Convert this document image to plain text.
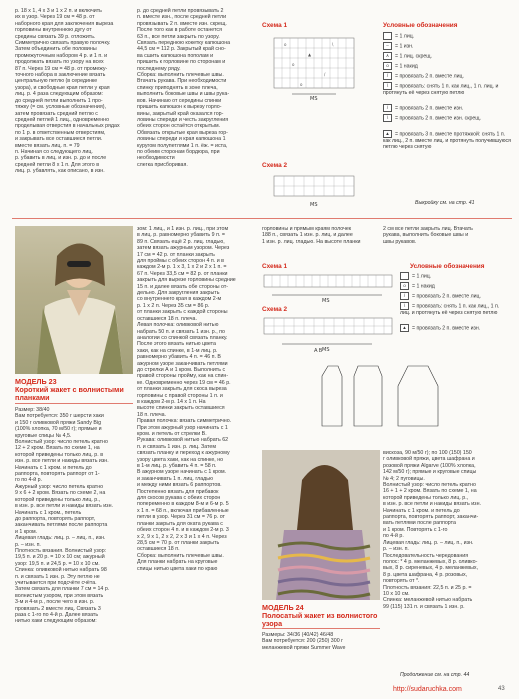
р. 18 х 1, 4 х 3 и 1 х 2 п. и включить
их в узор. Через 19 см = 48 р. от
наборного края для заключения выреза
горловины внутреннюю дугу от
средины связать 39 р. отложить.
Симметрично связать правую полочку.
Затем объединить обе половины
промежуточным набором 4 р. и 1 п. и
продолжать вязать по узору на всех
87 п. Через 19 см = 48 р. от промежу-
точного набора в заключение вязать
центральную петлю (в серединке
узора), и свободные края петли у края
лиц. р. 4 раза следующим образом:
до средней петли выполнить 1 про-
тяжку (= см. условные обозначения),
затем провязать средний петлю с
средней петлей 1 лиц., одновременно
проделывая отверстия в начальных рядах
по 1 р. в ответственным отверстиям,
и закрывать все оставшиеся петли.
вместе вязать лиц. п. = 79
п. Начиная со следующего лиц.
р. убавить в лиц. и изн. р. до и после
средней петли 8 х 1 п. Для этого в
лиц. р. убавлять, как описано, в изн.
р. до средней петли провязывать 2
п. вместе изн., после средней петли
провязывать 2 п. вместе изн. скрещ.
После того как в работе останется
63 п., все петли закрыть по узору.
Связать переднюю кокетку капюшона
44,5 см = 112 р. Закрытый край сно-
ва сшить капюшона пополам и
пришить к горловине по сторонам и
последнему ряду.
Сборка: выполнить плечевые швы.
Втачать рукава. При необходимости
спинку приподнять в зоне плеча,
выполнить боковые швы и швы рука-
вов. Начинаю от середины спинки
пришить капюшон к вырезу горло-
вины, закрытый край оказался гор-
ловины спереди и честь закругления
обеих сторон остаётся открытым.
Обвязать открытые края выреза гор-
ловины спереди и края капюшона 1
куругом полупетлями 1 п. ёж. = иста,
по обеим сторонам бордюра, при необходимости
слегка присборивая.
Схема 1
о
▲
о
/
\
о
MS
Схема 2
MS
Условные обозначения
= 1 лиц.
– = 1 изн.
∧ = 1 лиц. скрещ.
o = 1 накид
/ = провязать 2 п. вместе лиц.
\ = провязать: снять 1 п. как лиц., 1 п. лиц. и протянуть её через снятую петлю
/ = провязать 2 п. вместе изн.
\ = провязать 2 п. вместе изн. скрещ.
▲ = провязать 3 п. вместе протяжкой: снять 1 п. как лиц., 2 п. вместе лиц. и протянуть получившуюся петлю через снятую
Выкройку см. на стр. 41
МОДЕЛЬ 23
Короткий жакет с волнистыми планками
Размер: 38/40
Вам потребуется: 350 г шерсти хаки
и 150 г оливковой пряжи Sandy Big
(100% хлопка, 70 м/50 г); прямые и
круговые спицы № 4,5.
Волнистый узор: число петель кратно
12 + 2 кром. Вязать по схеме 1, на
которой приведены только лиц. р. в
изн. р. все петли и накиды вязать изн.
Начинать с 1 кром. и петель до
раппорта, повторять раппорт от 1-
го по 4-й р.
Ажурный узор: число петель кратно
9 х 6 + 2 кром. Вязать по схеме 2, на
которой приведены только лиц. р.,
в изн. р. все петли и накиды вязать изн.
Начинать с 1 кром., петель
до раппорта, повторять раппорт,
заканчивать петлями после раппорта
и 1 кром.
Лицевая гладь: лиц. р. – лиц. п., изн.
р. – изн. п.
Плотность вязания. Волнистый узор:
19,5 п. и 20 р. = 10 х 10 см; ажурный
узор: 19,5 п. и 24,5 р. = 10 х 10 см.
Спинка: оливковой нитью набрать 98
п. и связать 1 изн. р. Эту петлю не
учитывается при подсчёте счёта.
Затем связать для планки 7 см = 14 р.
волнистым узором, при этом вязать
3-м и 4-м р., после чего в изн. р.
провязать 2 вместе лиц. Связать 3
раза с 1-го по 4-й р. Далее вязать
нитью хаки следующим образом:
зом: 1 лиц., и 1 изн. р. лиц., при этом
в лиц. р. равномерно убавить 9 п. =
89 п. Связать ещё 2 р. лиц. гладью,
затем вязать ажурным узором. Через
17 см = 42 р. от планки закрыть
для проймы с обеих сторон 4 п. и в
каждом 2-м р. 1 х 3, 1 х 2 и 2 х 1 п. =
67 п. Через 33,5 см = 82 р. от планки
закрыть для вырезе горловины средние
15 п. и далее вязать обе стороны от-
дельно. Для закругления закрыть
со внутреннего края в каждом 2-м
р. 1 х 2 п. Через 35 см = 86 р.
от планки закрыть с каждой стороны
оставшиеся 18 п. плеча.
Левая полочка: оливковой нитью
набрать 50 п. и связать 1 изн. р., по
аналогии со спинкой связать планку.
После этого вязать нитью цвета
хаки, как на спинке, в 1-м лиц. р.
равномерно убавить 4 п. = 46 п. В
ажурном узоре заканчивать петлями
до стрелки А и 1 кром. Выполнить с
правой стороны пройму, как на спин-
ке. Одновременно через 19 см = 46 р.
от планки закрыть для скоса выреза
горловины с правой стороны 1 п. и
в каждом 2-м р. 14 х 1 п. На
высоте спинки закрыть оставшиеся
18 п. плеча.
Правая полочка: вязать симметрично.
При этом ажурный узор начинать с 1
кром. и петель от стрелки В.
Рукава: оливковой нитью набрать 62
п. и связать 1 изн. р. лиц. Затем
связать планку и переход к ажурному
узору цвета хаки, как на спинке, но
в 1-м лиц. р. убавить 4 п. = 58 п.
В ажурном узоре начинать с 1 кром.
и заканчивать 1 п. лиц. гладью
и между ними вязать 6 раппортов.
Постепенно вязать для прибавок
для скосов рукава с обеих сторон
попеременно в каждом 8-м и 6-м р. 5
х 1 п. = 68 п., включая прибавленные
петли в узор. Через 31 см = 76 р. от
планки закрыть для оката рукава с
обеих сторон 4 п. и в каждом 2-м р. 3
х 2, 9 х 1, 2 х 2, 2 х 3 и 1 х 4 п. Через
28,5 см = 70 р. от планки закрыть
оставшиеся 18 п.
Сборка: выполнить плечевые швы.
Для планки набрать на круговые
спицы нитью цвета хаки по краю
горловины и прямым краям полочек
188 п., связать 1 изн. р. лиц. и далее
1 изн. р. лиц. гладью. На высоте планки
2 см все петли закрыть лиц. Втачать
рукава, выполнить боковые швы и
швы рукавов.
Схема 1
MS
Схема 2
MS
A B
Условные обозначения
= 1 лиц.
o = 1 накид
/ = провязать 2 п. вместе лиц.
\ = провязать: снять 1 п. как лиц., 1 п. лиц. и протянуть её через снятую петлю
▲ = провязать 2 п. вместе изн.
МОДЕЛЬ 24
Полосатый жакет из волнистого узора
Размеры: 34/36 (40/42) 46/48
Вам потребуется: 200 (250) 300 г
меланжевой пряжи Summer Wave
вискоза, 90 м/50 г); по 100 (150) 150
г оливковой пряжи, цвета шафрана и
розовой пряжи Algarve (100% хлопка,
142 м/50 г); прямые и круговые спицы
№ 4; 2 пуговицы.
Волнистый узор: число петель кратно
16 + 1 + 2 кром. Вязать по схеме 1, на
которой приведены только лиц. р.,
в изн. р. все петли и накиды вязать изн.
Начинать с 1 кром. и петель до
раппорта, повторять раппорт, заканчи-
вать петлями после раппорта
и 1 кром. Повторять с 1-го
по 4-й р.
Лицевая гладь: лиц. р. – лиц. п., изн.
р. – изн. п.
Последовательность чередования
полос: * 4 р. меланжевых, 8 р. оливко-
вых, 8 р. сиреневых, 4 р. меланжевых,
8 р. цвета шафрана, 4 р. розовых,
повторять от *.
Плотность вязания: 22,5 п. и 25 р. =
10 х 10 см.
Спинка: меланжевой нитью набрать
99 (115) 131 п. и связать 1 изн. р.
Продолжение см. на стр. 44
http://sudaruchka.com	43
